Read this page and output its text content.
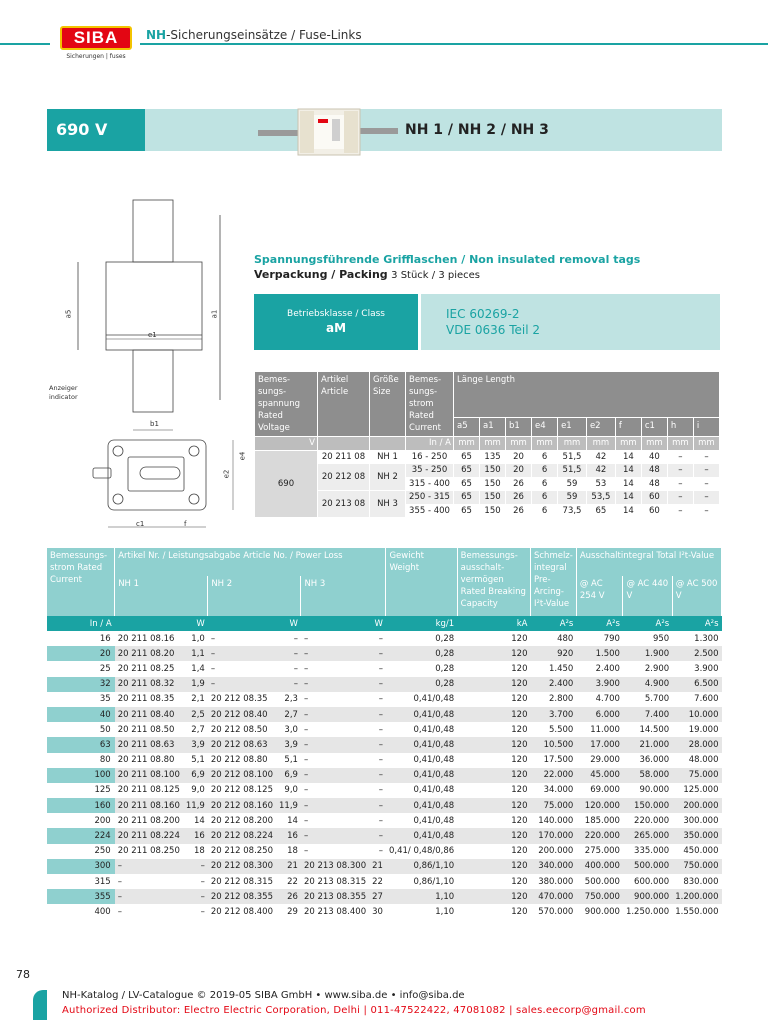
SIBA
Sicherungen | fuses
NH-Sicherungseinsätze / Fuse-Links
690 V	NH 1 / NH 2 / NH 3
a5
e1
a1
b1
e4
e2
c1	f
Anzeiger indicator
Spannungsführende Grifflaschen / Non insulated removal tags
Verpackung / Packing 3 Stück / 3 pieces
Betriebsklasse / Class
aM
IEC 60269-2
VDE 0636 Teil 2
Bemes-sungs-spannung Rated Voltage	Artikel Article	Größe Size	Bemes-sungs-strom Rated Current	Länge Length									
				a5	a1	b1	e4	e1	e2	f	c1	h	i
V			In / A	mm	mm	mm	mm	mm	mm	mm	mm	mm	mm
690	20 211 08	NH 1	16 - 250	65	135	20	6	51,5	42	14	40	–	–
	20 212 08	NH 2	35 - 250	65	150	20	6	51,5	42	14	48	–	–
			315 - 400	65	150	26	6	59	53	14	48	–	–
	20 213 08	NH 3	250 - 315	65	150	26	6	59	53,5	14	60	–	–
			355 - 400	65	150	26	6	73,5	65	14	60	–	–
Bemessungs-strom Rated Current	Artikel Nr. / Leistungsabgabe Article No. / Power Loss						Gewicht Weight	Bemessungs-ausschalt-vermögen Rated Breaking Capacity	Schmelz-integral Pre-Arcing-I²t-Value	Ausschaltintegral Total I²t-Value		
	NH 1		NH 2		NH 3					@ AC 254 V	@ AC 440 V	@ AC 500 V
In / A		W		W		W	kg/1	kA	A²s	A²s	A²s	A²s
16	20 211 08.16	1,0	–	–	–	–	0,28	120	480	790	950	1.300
20	20 211 08.20	1,1	–	–	–	–	0,28	120	920	1.500	1.900	2.500
25	20 211 08.25	1,4	–	–	–	–	0,28	120	1.450	2.400	2.900	3.900
32	20 211 08.32	1,9	–	–	–	–	0,28	120	2.400	3.900	4.900	6.500
35	20 211 08.35	2,1	20 212 08.35	2,3	–	–	0,41/0,48	120	2.800	4.700	5.700	7.600
40	20 211 08.40	2,5	20 212 08.40	2,7	–	–	0,41/0,48	120	3.700	6.000	7.400	10.000
50	20 211 08.50	2,7	20 212 08.50	3,0	–	–	0,41/0,48	120	5.500	11.000	14.500	19.000
63	20 211 08.63	3,9	20 212 08.63	3,9	–	–	0,41/0,48	120	10.500	17.000	21.000	28.000
80	20 211 08.80	5,1	20 212 08.80	5,1	–	–	0,41/0,48	120	17.500	29.000	36.000	48.000
100	20 211 08.100	6,9	20 212 08.100	6,9	–	–	0,41/0,48	120	22.000	45.000	58.000	75.000
125	20 211 08.125	9,0	20 212 08.125	9,0	–	–	0,41/0,48	120	34.000	69.000	90.000	125.000
160	20 211 08.160	11,9	20 212 08.160	11,9	–	–	0,41/0,48	120	75.000	120.000	150.000	200.000
200	20 211 08.200	14	20 212 08.200	14	–	–	0,41/0,48	120	140.000	185.000	220.000	300.000
224	20 211 08.224	16	20 212 08.224	16	–	–	0,41/0,48	120	170.000	220.000	265.000	350.000
250	20 211 08.250	18	20 212 08.250	18	–	–	0,41/ 0,48/0,86	120	200.000	275.000	335.000	450.000
300	–	–	20 212 08.300	21	20 213 08.300	21	0,86/1,10	120	340.000	400.000	500.000	750.000
315	–	–	20 212 08.315	22	20 213 08.315	22	0,86/1,10	120	380.000	500.000	600.000	830.000
355	–	–	20 212 08.355	26	20 213 08.355	27	1,10	120	470.000	750.000	900.000	1.200.000
400	–	–	20 212 08.400	29	20 213 08.400	30	1,10	120	570.000	900.000	1.250.000	1.550.000
78
NH-Katalog / LV-Catalogue © 2019-05 SIBA GmbH • www.siba.de • info@siba.de
Authorized Distributor: Electro Electric Corporation, Delhi | 011-47522422, 47081082 | sales.eecorp@gmail.com
